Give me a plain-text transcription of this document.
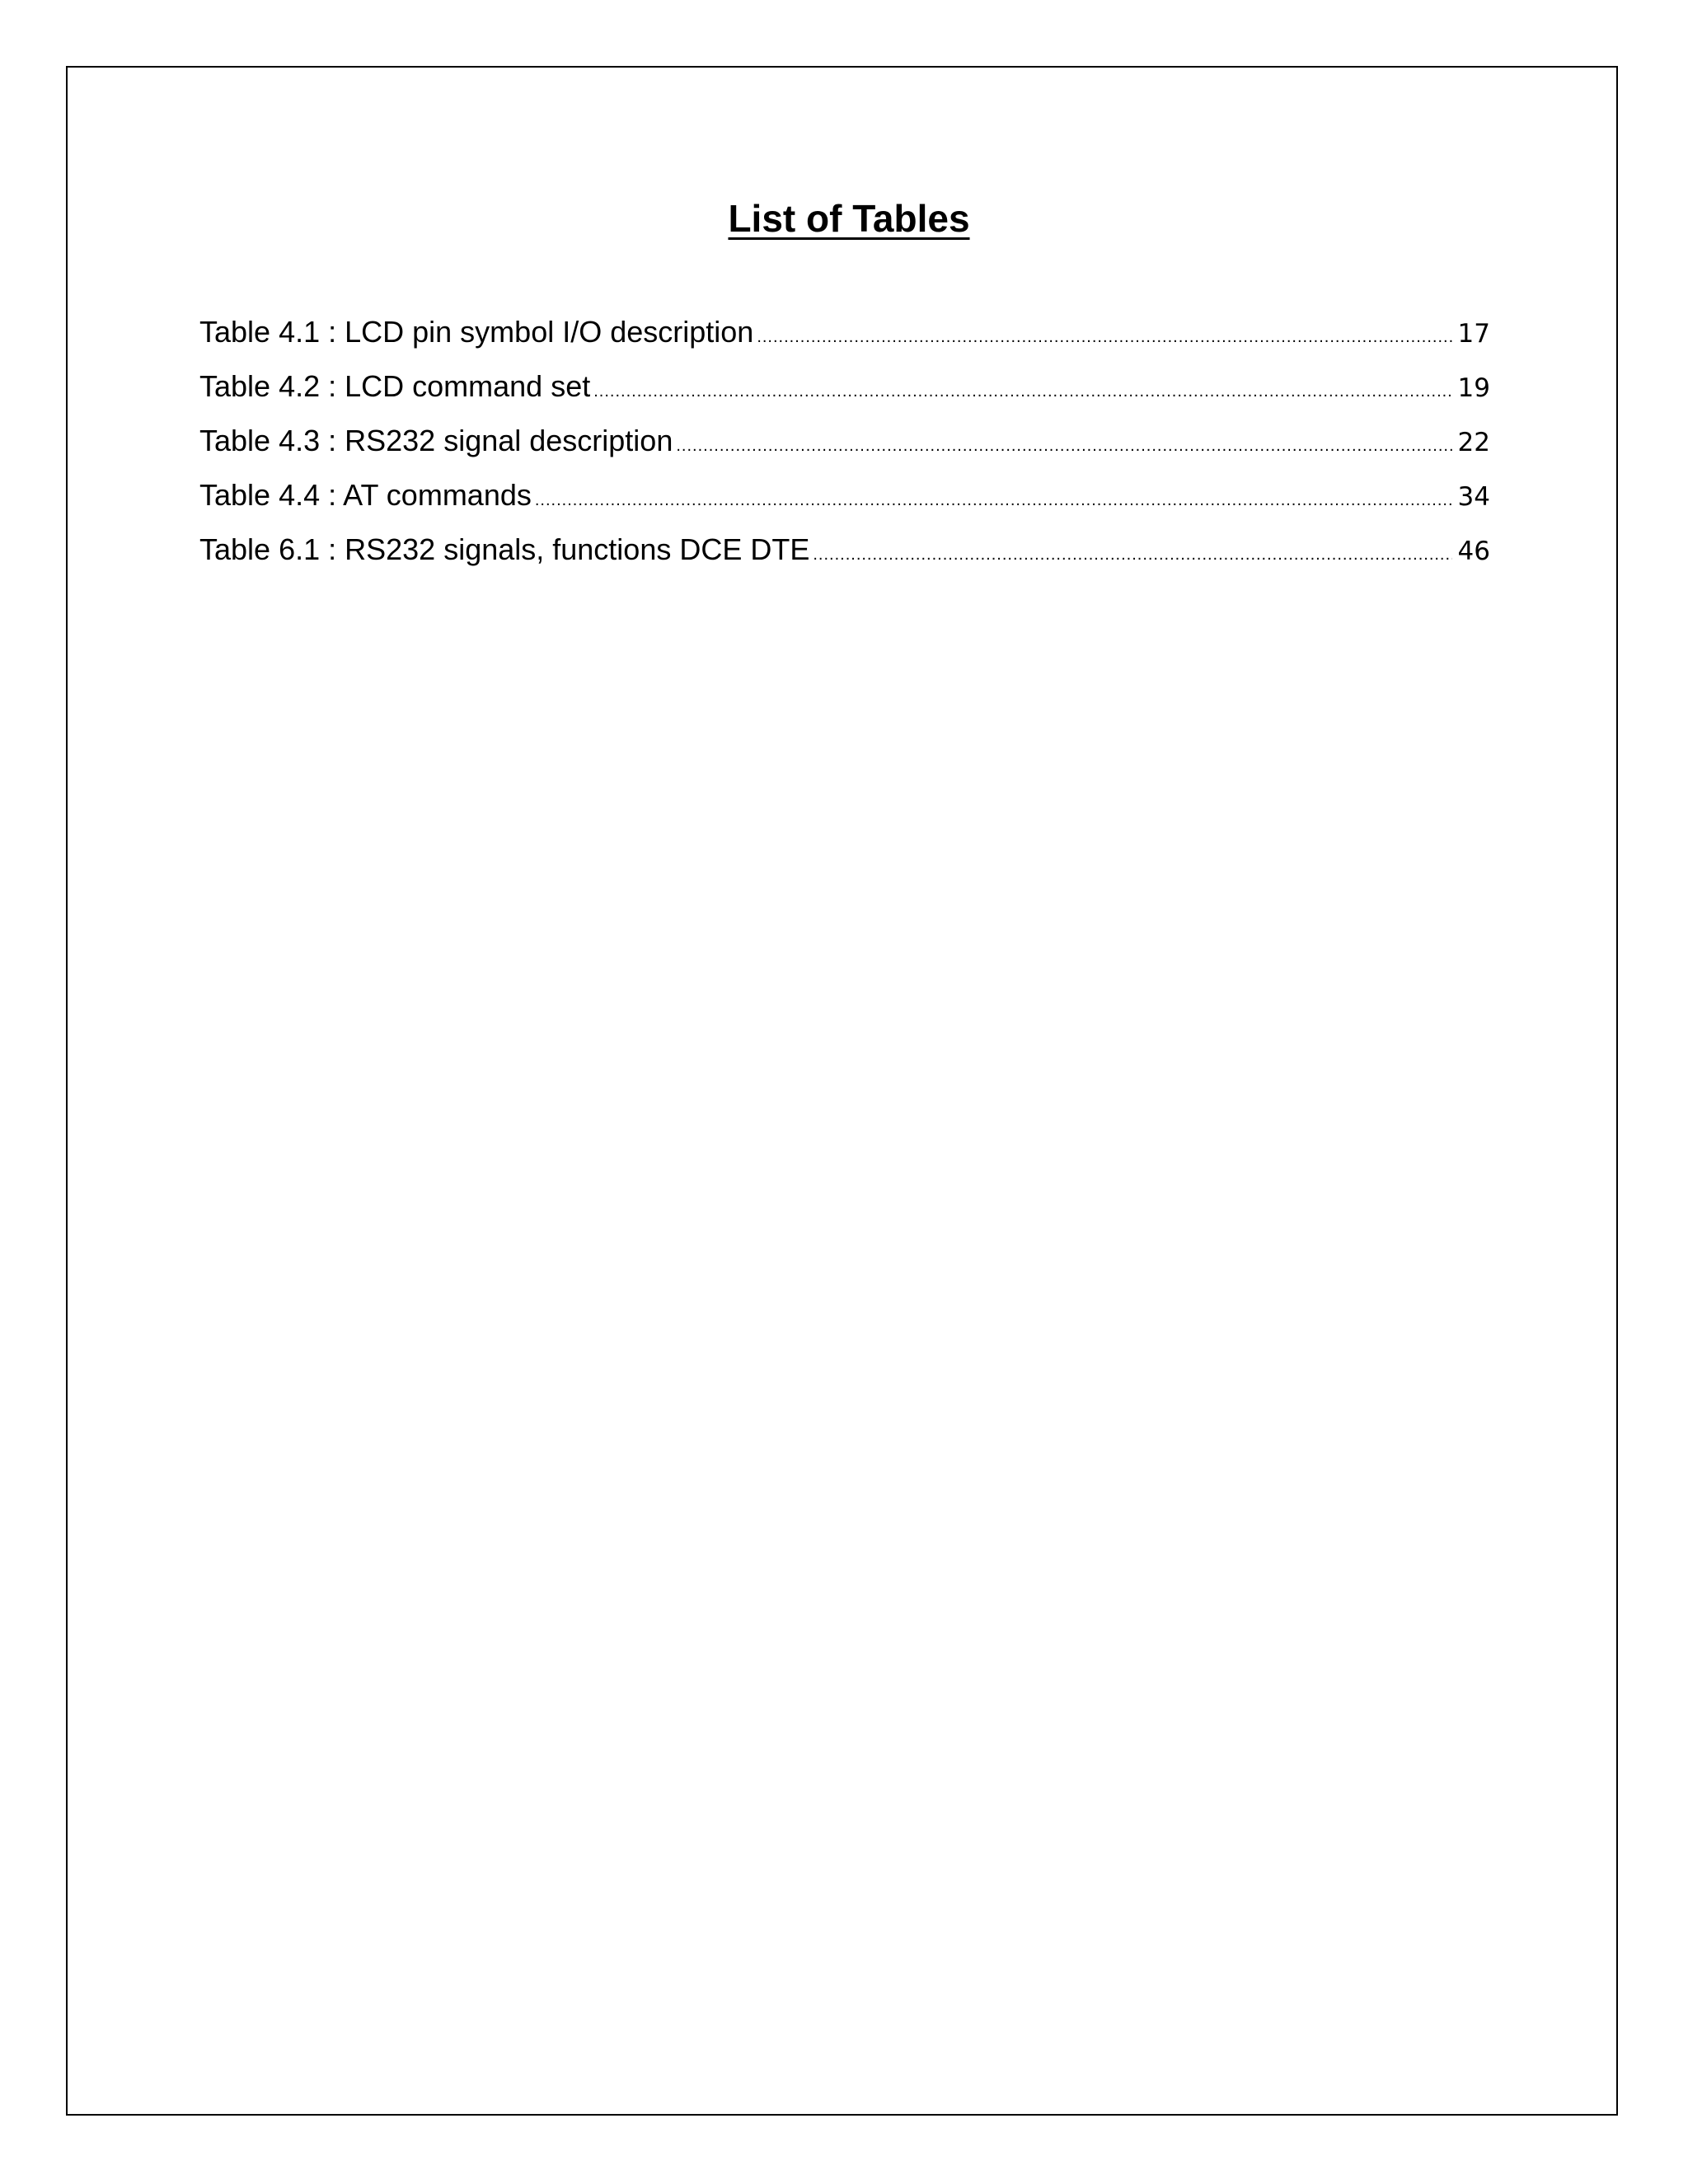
List of Tables
Table 4.1 : LCD pin symbol I/O description .....	17
Table 4.2 : LCD command set .....	19
Table 4.3 : RS232 signal description .....	22
Table 4.4 : AT commands .....	34
Table 6.1 : RS232 signals, functions DCE DTE .....	46
